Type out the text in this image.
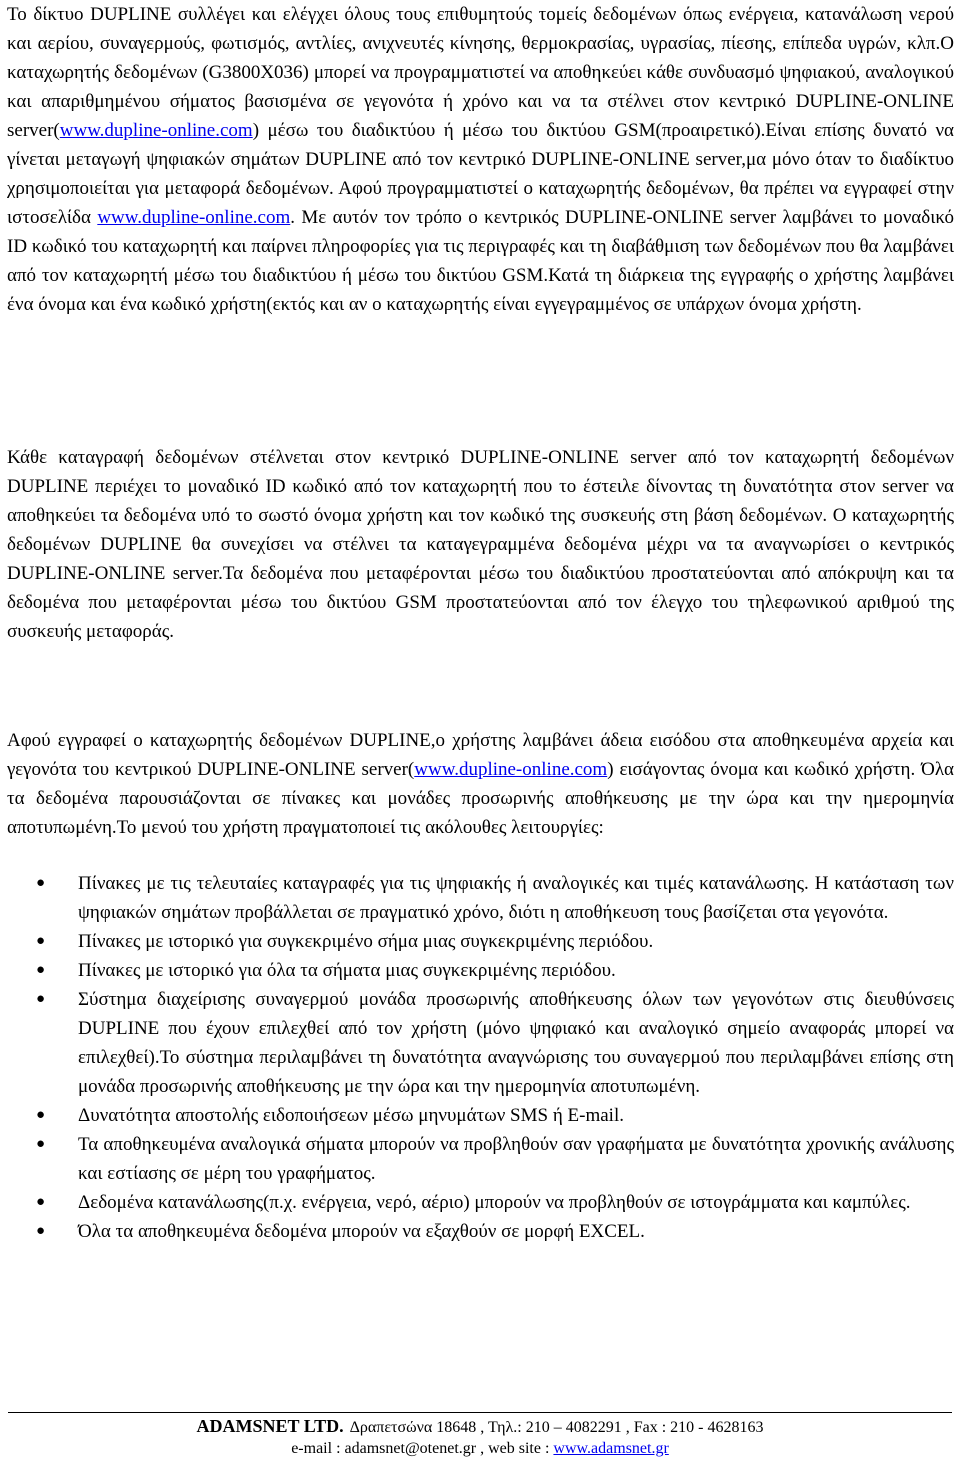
Το δίκτυο DUPLINE συλλέγει και ελέγχει όλους τους επιθυμητούς τομείς δεδομένων όπως ενέργεια, κατανάλωση νερού και αερίου, συναγερμούς, φωτισμός, αντλίες, ανιχνευτές κίνησης, θερμοκρασίας, υγρασίας, πίεσης, επίπεδα υγρών, κλπ.Ο καταχωρητής δεδομένων (G3800X036) μπορεί να προγραμματιστεί να αποθηκεύει κάθε συνδυασμό ψηφιακού, αναλογικού και απαριθμημένου σήματος βασισμένα σε γεγονότα ή χρόνο και να τα στέλνει στον κεντρικό DUPLINE-ONLINE server(www.dupline-online.com) μέσω του διαδικτύου ή μέσω του δικτύου GSM(προαιρετικό).Είναι επίσης δυνατό να γίνεται μεταγωγή ψηφιακών σημάτων DUPLINE από τον κεντρικό DUPLINE-ONLINE server,μα μόνο όταν το διαδίκτυο χρησιμοποιείται για μεταφορά δεδομένων. Αφού προγραμματιστεί ο καταχωρητής δεδομένων, θα πρέπει να εγγραφεί στην ιστοσελίδα www.dupline-online.com. Με αυτόν τον τρόπο ο κεντρικός DUPLINE-ONLINE server λαμβάνει το μοναδικό ID κωδικό του καταχωρητή και παίρνει πληροφορίες για τις περιγραφές και τη διαβάθμιση των δεδομένων που θα λαμβάνει από τον καταχωρητή μέσω του διαδικτύου ή μέσω του δικτύου GSM.Κατά τη διάρκεια της εγγραφής ο χρήστης λαμβάνει ένα όνομα και ένα κωδικό χρήστη(εκτός και αν ο καταχωρητής είναι εγγεγραμμένος σε υπάρχων όνομα χρήστη.

Κάθε καταγραφή δεδομένων στέλνεται στον κεντρικό DUPLINE-ONLINE server από τον καταχωρητή δεδομένων DUPLINE περιέχει το μοναδικό ID κωδικό από τον καταχωρητή που το έστειλε δίνοντας τη δυνατότητα στον server να αποθηκεύει τα δεδομένα υπό το σωστό όνομα χρήστη και τον κωδικό της συσκευής στη βάση δεδομένων. Ο καταχωρητής δεδομένων DUPLINE θα συνεχίσει να στέλνει τα καταγεγραμμένα δεδομένα μέχρι να τα αναγνωρίσει ο κεντρικός DUPLINE-ONLINE server.Τα δεδομένα που μεταφέρονται μέσω του διαδικτύου προστατεύονται από απόκρυψη και τα δεδομένα που μεταφέρονται μέσω του δικτύου GSM προστατεύονται από τον έλεγχο του τηλεφωνικού αριθμού της συσκευής μεταφοράς.

Αφού εγγραφεί ο καταχωρητής δεδομένων DUPLINE,ο χρήστης λαμβάνει άδεια εισόδου στα αποθηκευμένα αρχεία και γεγονότα του κεντρικού DUPLINE-ONLINE server(www.dupline-online.com) εισάγοντας όνομα και κωδικό χρήστη. Όλα τα δεδομένα παρουσιάζονται σε πίνακες και μονάδες προσωρινής αποθήκευσης με την ώρα και την ημερομηνία αποτυπωμένη.Το μενού του χρήστη πραγματοποιεί τις ακόλουθες λειτουργίες:

● Πίνακες με τις τελευταίες καταγραφές για τις ψηφιακής ή αναλογικές και τιμές κατανάλωσης. Η κατάσταση των ψηφιακών σημάτων προβάλλεται σε πραγματικό χρόνο, διότι η αποθήκευση τους βασίζεται στα γεγονότα.
● Πίνακες με ιστορικό για συγκεκριμένο σήμα μιας συγκεκριμένης περιόδου.
● Πίνακες με ιστορικό για όλα τα σήματα μιας συγκεκριμένης περιόδου.
● Σύστημα διαχείρισης συναγερμού μονάδα προσωρινής αποθήκευσης όλων των γεγονότων στις διευθύνσεις DUPLINE που έχουν επιλεχθεί από τον χρήστη (μόνο ψηφιακό και αναλογικό σημείο αναφοράς μπορεί να επιλεχθεί).Το σύστημα περιλαμβάνει τη δυνατότητα αναγνώρισης του συναγερμού που περιλαμβάνει επίσης στη μονάδα προσωρινής αποθήκευσης με την ώρα και την ημερομηνία αποτυπωμένη.
● Δυνατότητα αποστολής ειδοποιήσεων μέσω μηνυμάτων SMS ή E-mail.
● Τα αποθηκευμένα αναλογικά σήματα μπορούν να προβληθούν σαν γραφήματα με δυνατότητα χρονικής ανάλυσης και εστίασης σε μέρη του γραφήματος.
● Δεδομένα κατανάλωσης(π.χ. ενέργεια, νερό, αέριο) μπορούν να προβληθούν σε ιστογράμματα και καμπύλες.
● Όλα τα αποθηκευμένα δεδομένα μπορούν να εξαχθούν σε μορφή EXCEL.
ADAMSNET LTD. Δραπετσώνα 18648 , Τηλ.: 210 – 4082291 , Fax : 210 - 4628163
e-mail : adamsnet@otenet.gr , web site : www.adamsnet.gr
